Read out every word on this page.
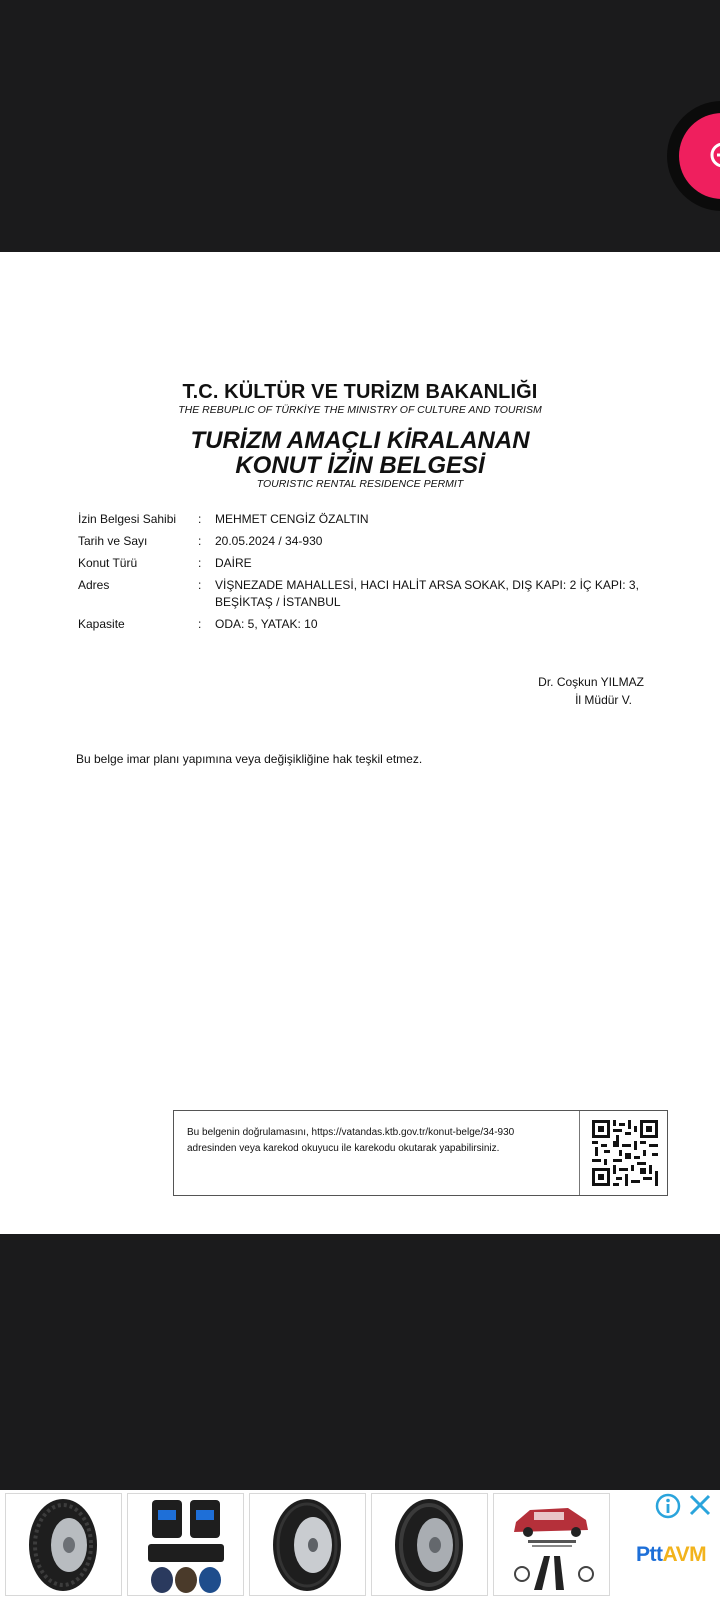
T.C. KÜLTÜR VE TURİZM BAKANLIĞI
THE REBUPLIC OF TÜRKİYE THE MINISTRY OF CULTURE AND TOURISM
TURİZM AMAÇLI KİRALANAN
KONUT İZİN BELGESİ
TOURISTIC RENTAL RESIDENCE PERMIT
İzin Belgesi Sahibi	: MEHMET CENGİZ ÖZALTIN
Tarih ve Sayı	: 20.05.2024 / 34-930
Konut Türü	: DAİRE
Adres	: VİŞNEZADE MAHALLESİ, HACI HALİT ARSA SOKAK, DIŞ KAPI: 2 İÇ KAPI: 3,
BEŞİKTAŞ / İSTANBUL
Kapasite	: ODA: 5, YATAK: 10
Dr. Coşkun YILMAZ
İl Müdür V.
Bu belge imar planı yapımına veya değişikliğine hak teşkil etmez.
Bu belgenin doğrulamasını, https://vatandas.ktb.gov.tr/konut-belge/34-930
adresinden veya karekod okuyucu ile karekodu okutarak yapabilirsiniz.
PttAVM
